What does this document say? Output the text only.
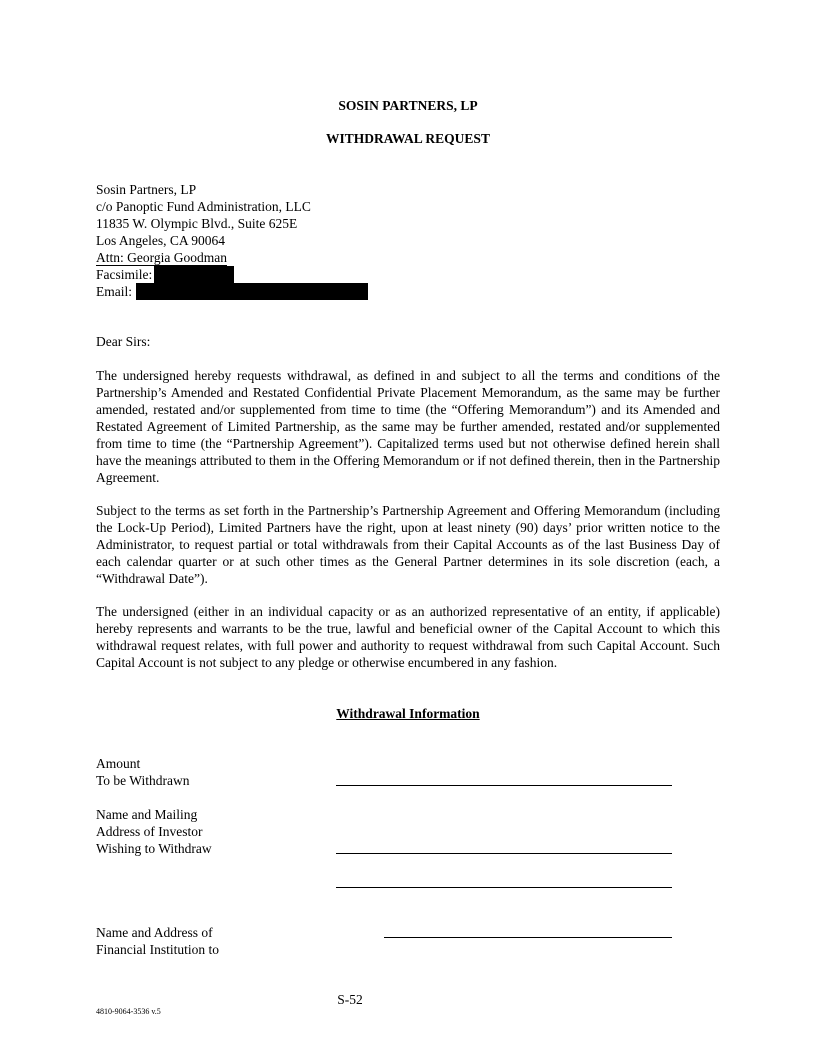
SOSIN PARTNERS, LP
WITHDRAWAL REQUEST
Sosin Partners, LP
c/o Panoptic Fund Administration, LLC
11835 W. Olympic Blvd., Suite 625E
Los Angeles, CA 90064
Attn: Georgia Goodman
Facsimile:
Email:
Dear Sirs:
The undersigned hereby requests withdrawal, as defined in and subject to all the terms and conditions of the Partnership’s Amended and Restated Confidential Private Placement Memorandum, as the same may be further amended, restated and/or supplemented from time to time (the “Offering Memorandum”) and its Amended and Restated Agreement of Limited Partnership, as the same may be further amended, restated and/or supplemented from time to time (the “Partnership Agreement”). Capitalized terms used but not otherwise defined herein shall have the meanings attributed to them in the Offering Memorandum or if not defined therein, then in the Partnership Agreement.
Subject to the terms as set forth in the Partnership’s Partnership Agreement and Offering Memorandum (including the Lock-Up Period), Limited Partners have the right, upon at least ninety (90) days’ prior written notice to the Administrator, to request partial or total withdrawals from their Capital Accounts as of the last Business Day of each calendar quarter or at such other times as the General Partner determines in its sole discretion (each, a “Withdrawal Date”).
The undersigned (either in an individual capacity or as an authorized representative of an entity, if applicable) hereby represents and warrants to be the true, lawful and beneficial owner of the Capital Account to which this withdrawal request relates, with full power and authority to request withdrawal from such Capital Account. Such Capital Account is not subject to any pledge or otherwise encumbered in any fashion.
Withdrawal Information
Amount
To be Withdrawn
Name and Mailing
Address of Investor
Wishing to Withdraw
Name and Address of
Financial Institution to
S-52
4810-9064-3536 v.5
